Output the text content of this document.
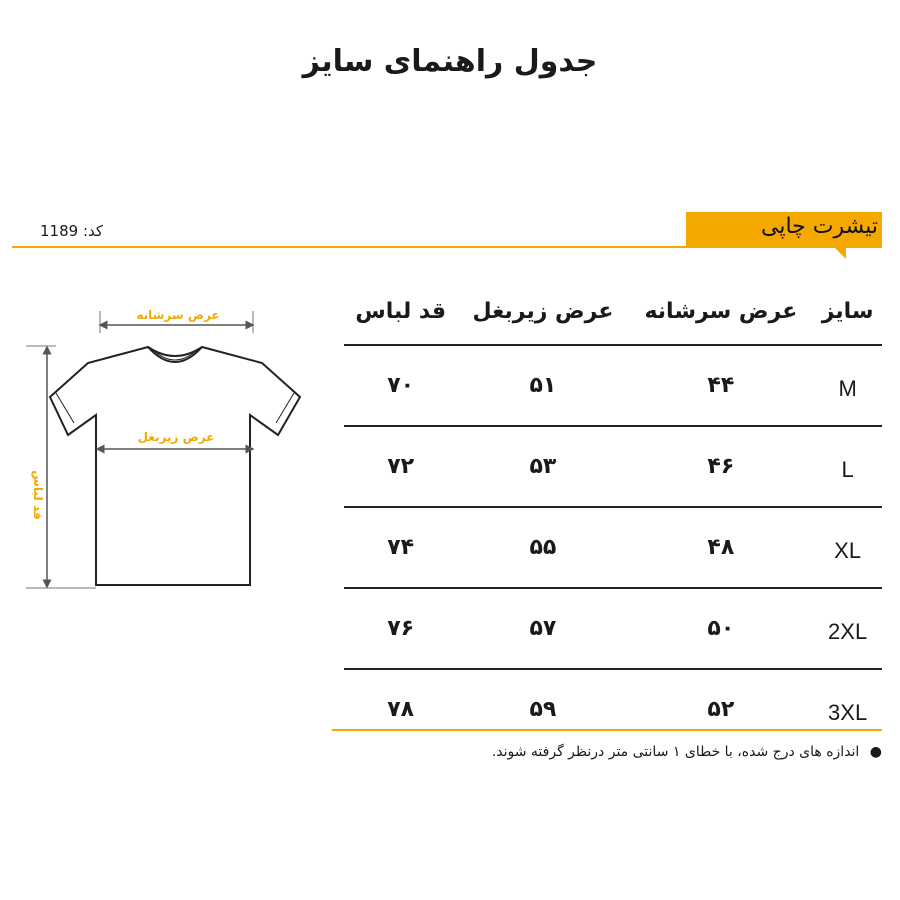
جدول راهنمای سایز
تیشرت چاپی
کد: 1189
عرض سرشانه
عرض زیربغل
قد لباس
سایز	عرض سرشانه	عرض زیربغل	قد لباس
M	۴۴	۵۱	۷۰
L	۴۶	۵۳	۷۲
XL	۴۸	۵۵	۷۴
2XL	۵۰	۵۷	۷۶
3XL	۵۲	۵۹	۷۸
● اندازه های درج شده، با خطای ۱ سانتی متر درنظر گرفته شوند.
